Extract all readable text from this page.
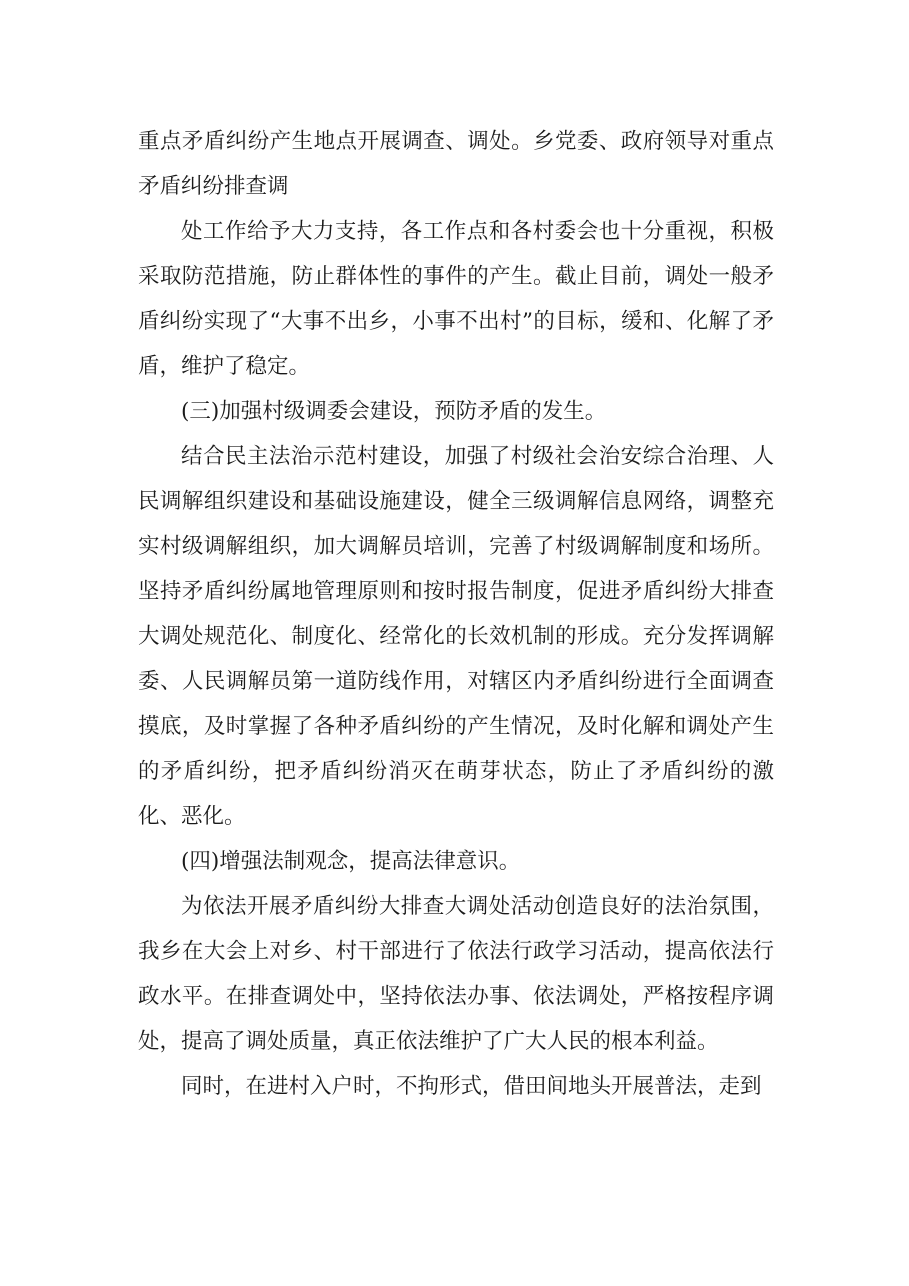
重点矛盾纠纷产生地点开展调查、调处。乡党委、政府领导对重点矛盾纠纷排查调

处工作给予大力支持，各工作点和各村委会也十分重视，积极采取防范措施，防止群体性的事件的产生。截止目前，调处一般矛盾纠纷实现了“大事不出乡，小事不出村”的目标，缓和、化解了矛盾，维护了稳定。

(三)加强村级调委会建设，预防矛盾的发生。

结合民主法治示范村建设，加强了村级社会治安综合治理、人民调解组织建设和基础设施建设，健全三级调解信息网络，调整充实村级调解组织，加大调解员培训，完善了村级调解制度和场所。坚持矛盾纠纷属地管理原则和按时报告制度，促进矛盾纠纷大排查大调处规范化、制度化、经常化的长效机制的形成。充分发挥调解委、人民调解员第一道防线作用，对辖区内矛盾纠纷进行全面调查摸底，及时掌握了各种矛盾纠纷的产生情况，及时化解和调处产生的矛盾纠纷，把矛盾纠纷消灭在萌芽状态，防止了矛盾纠纷的激化、恶化。

(四)增强法制观念，提高法律意识。

为依法开展矛盾纠纷大排查大调处活动创造良好的法治氛围，我乡在大会上对乡、村干部进行了依法行政学习活动，提高依法行政水平。在排查调处中，坚持依法办事、依法调处，严格按程序调处，提高了调处质量，真正依法维护了广大人民的根本利益。

同时，在进村入户时，不拘形式，借田间地头开展普法，走到
